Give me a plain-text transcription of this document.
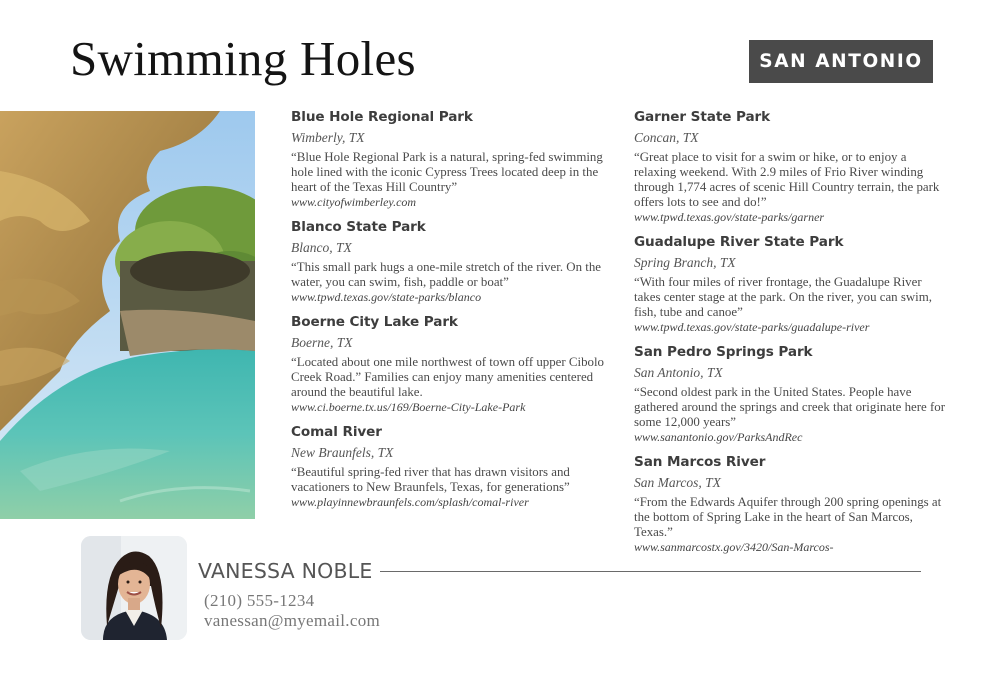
Swimming Holes	SAN ANTONIO
Blue Hole Regional Park
Wimberly, TX
“Blue Hole Regional Park is a natural, spring-fed swimming hole lined with the iconic Cypress Trees located deep in the heart of the Texas Hill Country”
www.cityofwimberley.com
Blanco State Park
Blanco, TX
“This small park hugs a one-mile stretch of the river. On the water, you can swim, fish, paddle or boat”
www.tpwd.texas.gov/state-parks/blanco
Boerne City Lake Park
Boerne, TX
“Located about one mile northwest of town off upper Cibolo Creek Road.” Families can enjoy many amenities centered around the beautiful lake.
www.ci.boerne.tx.us/169/Boerne-City-Lake-Park
Comal River
New Braunfels, TX
“Beautiful spring-fed river that has drawn visitors and vacationers to New Braunfels, Texas, for generations”
www.playinnewbraunfels.com/splash/comal-river
Garner State Park
Concan, TX
“Great place to visit for a swim or hike, or to enjoy a relaxing weekend. With 2.9 miles of Frio River winding through 1,774 acres of scenic Hill Country terrain, the park offers lots to see and do!”
www.tpwd.texas.gov/state-parks/garner
Guadalupe River State Park
Spring Branch, TX
“With four miles of river frontage, the Guadalupe River takes center stage at the park. On the river, you can swim, fish, tube and canoe”
www.tpwd.texas.gov/state-parks/guadalupe-river
San Pedro Springs Park
San Antonio, TX
“Second oldest park in the United States. People have gathered around the springs and creek that originate here for some 12,000 years”
www.sanantonio.gov/ParksAndRec
San Marcos River
San Marcos, TX
“From the Edwards Aquifer through 200 spring openings at the bottom of Spring Lake in the heart of San Marcos, Texas.”
www.sanmarcostx.gov/3420/San-Marcos-
VANESSA NOBLE
(210) 555-1234
vanessan@myemail.com
